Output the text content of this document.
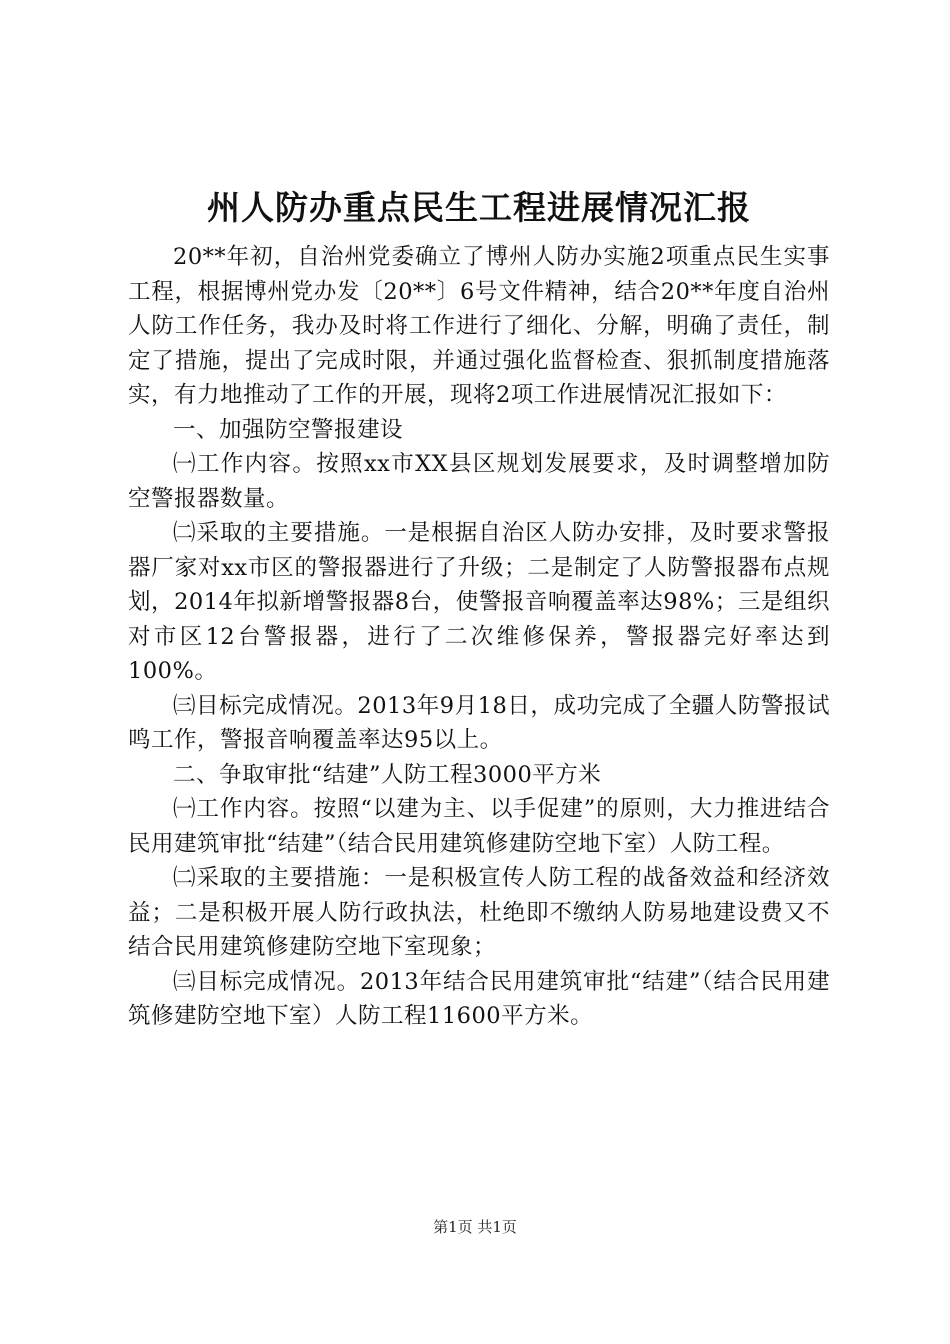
州人防办重点民生工程进展情况汇报

20**年初，自治州党委确立了博州人防办实施2项重点民生实事工程，根据博州党办发〔20**〕6号文件精神，结合20**年度自治州人防工作任务，我办及时将工作进行了细化、分解，明确了责任，制定了措施，提出了完成时限，并通过强化监督检查、狠抓制度措施落实，有力地推动了工作的开展，现将2项工作进展情况汇报如下：

一、加强防空警报建设

㈠工作内容。按照xx市XX县区规划发展要求，及时调整增加防空警报器数量。

㈡采取的主要措施。一是根据自治区人防办安排，及时要求警报器厂家对xx市区的警报器进行了升级；二是制定了人防警报器布点规划，2014年拟新增警报器8台，使警报音响覆盖率达98%；三是组织对市区12台警报器，进行了二次维修保养，警报器完好率达到100%。

㈢目标完成情况。2013年9月18日，成功完成了全疆人防警报试鸣工作，警报音响覆盖率达95以上。

二、争取审批“结建”人防工程3000平方米

㈠工作内容。按照“以建为主、以手促建”的原则，大力推进结合民用建筑审批“结建”（结合民用建筑修建防空地下室）人防工程。

㈡采取的主要措施：一是积极宣传人防工程的战备效益和经济效益；二是积极开展人防行政执法，杜绝即不缴纳人防易地建设费又不结合民用建筑修建防空地下室现象；

㈢目标完成情况。2013年结合民用建筑审批“结建”（结合民用建筑修建防空地下室）人防工程11600平方米。

第1页 共1页
